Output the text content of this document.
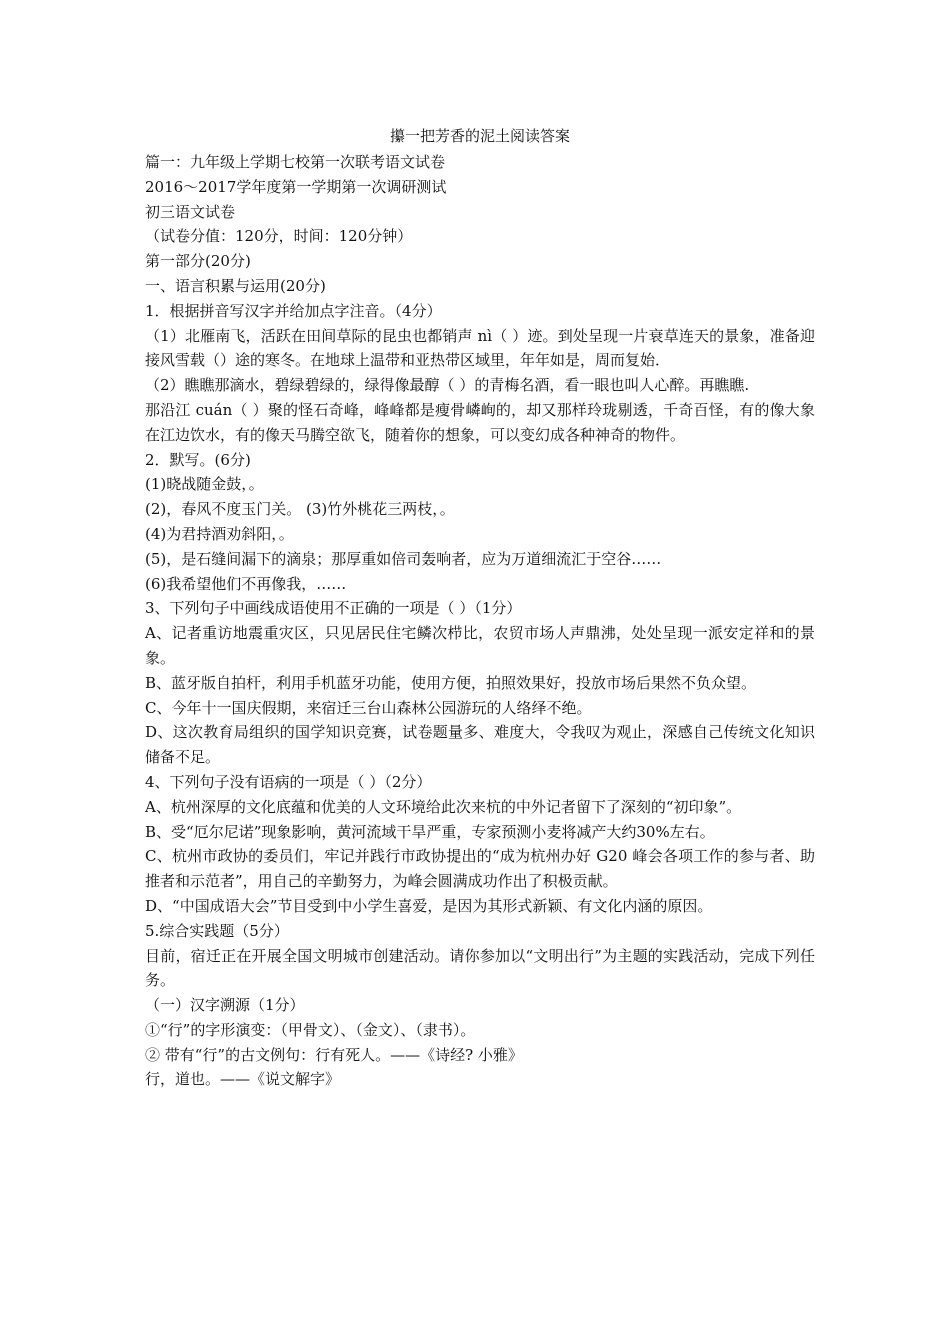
攥一把芳香的泥土阅读答案

篇一：九年级上学期七校第一次联考语文试卷

2016～2017学年度第一学期第一次调研测试

初三语文试卷

（试卷分值：120分，时间：120分钟）

第一部分(20分)

一、语言积累与运用(20分)

1．根据拼音写汉字并给加点字注音。（4分）

（1）北雁南飞，活跃在田间草际的昆虫也都销声 nì（ ）迹。到处呈现一片衰草连天的景象，准备迎接风雪载（）途的寒冬。在地球上温带和亚热带区域里，年年如是，周而复始．

（2）瞧瞧那滴水，碧绿碧绿的，绿得像最醇（ ）的青梅名酒，看一眼也叫人心醉。再瞧瞧.

那沿江 cuán（ ）聚的怪石奇峰，峰峰都是瘦骨嶙峋的，却又那样玲珑剔透，千奇百怪，有的像大象在江边饮水，有的像天马腾空欲飞，随着你的想象，可以变幻成各种神奇的物件。

2．默写。(6分)

(1)晓战随金鼓，。

(2)，春风不度玉门关。 (3)竹外桃花三两枝，。

(4)为君持酒劝斜阳，。

(5)，是石缝间漏下的滴泉；那厚重如倍司轰响者，应为万道细流汇于空谷……

(6)我希望他们不再像我，……

3、下列句子中画线成语使用不正确的一项是（ ）（1分）

A、记者重访地震重灾区，只见居民住宅鳞次栉比，农贸市场人声鼎沸，处处呈现一派安定祥和的景象。

B、蓝牙版自拍杆，利用手机蓝牙功能，使用方便，拍照效果好，投放市场后果然不负众望。

C、今年十一国庆假期，来宿迁三台山森林公园游玩的人络绎不绝。

D、这次教育局组织的国学知识竞赛，试卷题量多、难度大，令我叹为观止，深感自己传统文化知识储备不足。

4、下列句子没有语病的一项是（ ）（2分）

A、杭州深厚的文化底蕴和优美的人文环境给此次来杭的中外记者留下了深刻的“初印象”。

B、受“厄尔尼诺”现象影响，黄河流域干旱严重，专家预测小麦将减产大约30%左右。

C、杭州市政协的委员们，牢记并践行市政协提出的“成为杭州办好 G20 峰会各项工作的参与者、助推者和示范者”，用自己的辛勤努力，为峰会圆满成功作出了积极贡献。

D、“中国成语大会”节目受到中小学生喜爱，是因为其形式新颖、有文化内涵的原因。

5.综合实践题（5分）

目前，宿迁正在开展全国文明城市创建活动。请你参加以“文明出行”为主题的实践活动，完成下列任务。

（一）汉字溯源（1分）

①“行”的字形演变：（甲骨文）、（金文）、（隶书）。

② 带有“行”的古文例句：行有死人。——《诗经? 小雅》

行，道也。——《说文解字》
